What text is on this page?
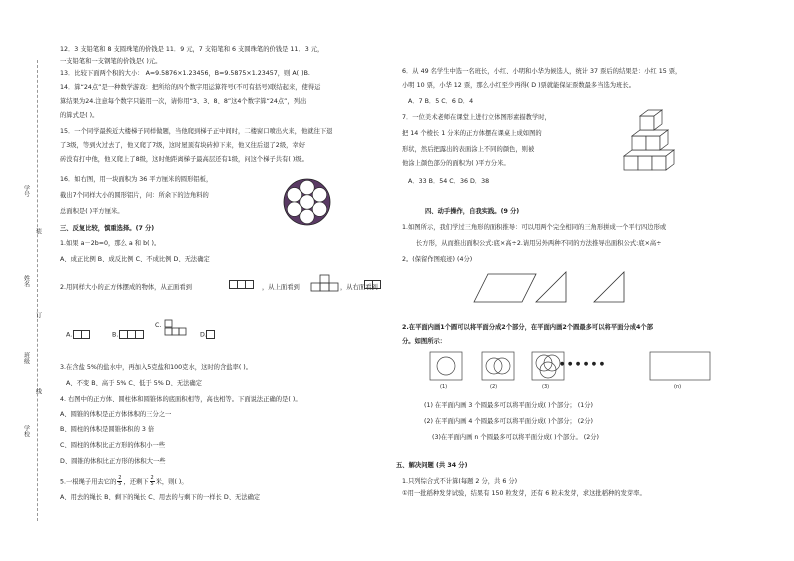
学号
姓名
班级
学校
装
订
线
12．3 支铅笔和 8 支圆珠笔的价钱是 11．9 元，7 支铅笔和 6 支圆珠笔的价钱是 11．3 元，
一支铅笔和一支钢笔的价钱是( )元。
13．比较下面两个积的大小： A=9.5876×1.23456，B=9.5875×1.23457，则 A( )B.
14．算“24点”是一种数学游戏：把所给的四个数字用运算符号(不可有括号)联结起来，使得运
算结果为24.注意每个数字只能用一次，请你用“3、3、8、8”这4个数字算“24点”，列出
的算式是( )。
15．一个同学最挨近大楼梯子同样做题，当他爬到梯子正中间时，二楼窗口喷出火来，他就往下退
了3级，等到火过去了，他又爬了7级，这时屋顶有块砖掉下来，他又往后退了2级，幸好
砖没有打中他，他又爬上了8级，这时他距离梯子最高层还有1级，问这个梯子共有( )级。
16．如右图，用一块面积为 36 平方厘米的圆形铝板，
截出7个同样大小的圆形铝片，问：所余下的边角料的
总面积是( )平方厘米。
三、反复比较，慎重选择。(7 分)
1.如果 a－2b=0，那么 a 和 b( )。
A、成正比例 B、成反比例 C、不成比例 D、无法确定
2.用同样大小的正方体摆成的物体，从正面看到	，从上面看到	，从右面看到
A.	B.
C.
D.
3.在含盐 5%的盐水中，再加入5克盐和100克水，这时的含盐率( )。
A、不变 B、高于 5% C、低于 5% D、无法确定
4. 右图中的正方体、圆柱体和圆锥体的底面积相等，高也相等。下面说法正确的是( )。
A、圆锥的体积是正方体体积的三分之一
B、圆柱的体积是圆锥体积的 3 倍
C、圆柱的体积比正方形的体积小一些
D、圆锥的体积比正方形的体积大一些
5.一根绳子用去它的 $\frac{2}{5}$ ，还剩下 $\frac{2}{5}$ 米，则( )。
A、用去的绳长 B、剩下的绳长 C、用去的与剩下的一样长 D、无法确定
6．从 49 名学生中选一名班长，小红、小明和小华为候选人，统计 37 票后的结果是：小红 15 票，
小明 10 票，小华 12 票，那么小红至少再得( D )票就能保证票数最多当选为班长。
A．7 B．5 C．6 D．4
7．一位美术老师在课堂上进行立体图形素描教学时，
把 14 个棱长 1 分米的正方体摆在课桌上成如图的
形状，然后把露出的表面涂上不同的颜色，则被
他涂上颜色部分的面积为( )平方分米。
A．33 B．54 C．36 D．38
四、动手操作，自我实践。(9 分)
1.如图所示，我们学过三角形的面积推导：可以用两个完全相同的三角形拼成一个平行四边形或
长方形，从而推出面积公式:底×高÷2.请用另外两种不同的方法推导出面积公式:底×高÷
2。(保留作图痕迹) (4分)
2.在平面内画1个圆可以将平面分成2个部分，在平面内画2个圆最多可以将平面分成4个部
分。如图所示：
● ● ● ● ● ●
(1)	(2)	(3)	(n)
(1) 在平面内画 3 个圆最多可以将平面分成( )个部分； (1分)
(2) 在平面内画 4 个圆最多可以将平面分成( )个部分； (2分)
(3)在平面内画 n 个圆最多可以将平面分成( )个部分。 (2分)
五、解决问题 (共 34 分)
1.只列综合式不计算(每题 2 分，共 6 分)
①用一批稻种发芽试验，结果有 150 粒发芽，还有 6 粒未发芽，求这批稻种的发芽率。
